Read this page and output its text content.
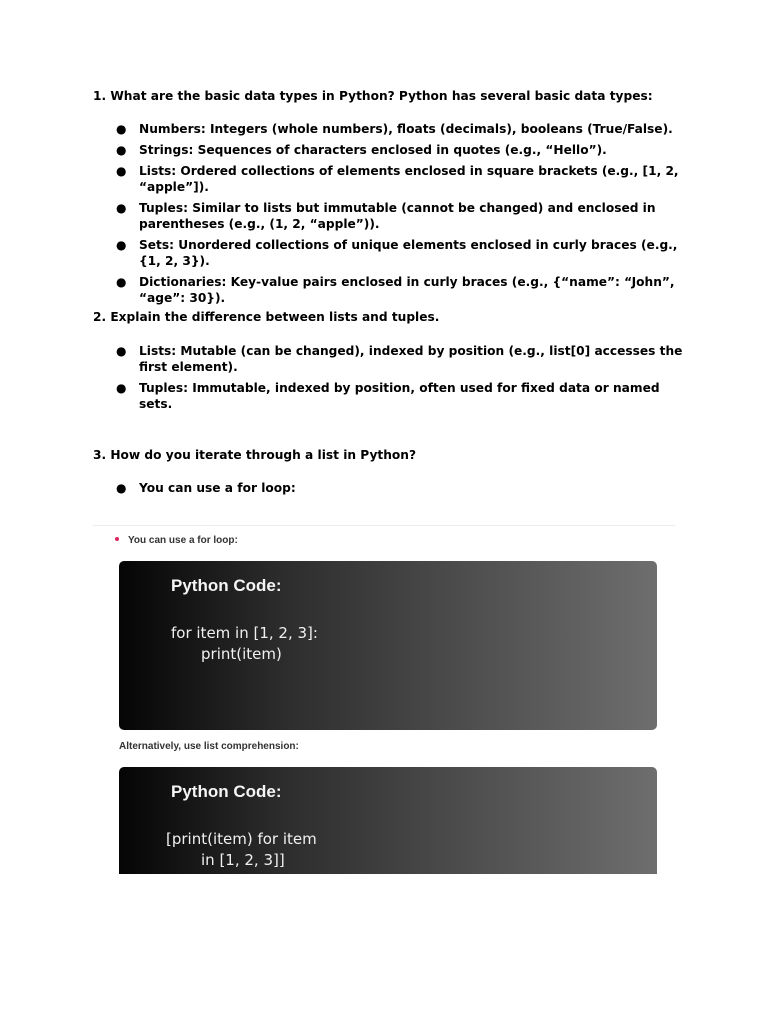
1. What are the basic data types in Python? Python has several basic data types:

● Numbers: Integers (whole numbers), floats (decimals), booleans (True/False).
● Strings: Sequences of characters enclosed in quotes (e.g., “Hello”).
● Lists: Ordered collections of elements enclosed in square brackets (e.g., [1, 2, “apple”]).
● Tuples: Similar to lists but immutable (cannot be changed) and enclosed in parentheses (e.g., (1, 2, “apple”)).
● Sets: Unordered collections of unique elements enclosed in curly braces (e.g., {1, 2, 3}).
● Dictionaries: Key-value pairs enclosed in curly braces (e.g., {“name”: “John”, “age”: 30}).

2. Explain the difference between lists and tuples.

● Lists: Mutable (can be changed), indexed by position (e.g., list[0] accesses the first element).
● Tuples: Immutable, indexed by position, often used for fixed data or named sets.

3. How do you iterate through a list in Python?

● You can use a for loop:
You can use a for loop:
Python Code:
for item in [1, 2, 3]:
print(item)
Alternatively, use list comprehension:
Python Code:
[print(item) for item
in [1, 2, 3]]
